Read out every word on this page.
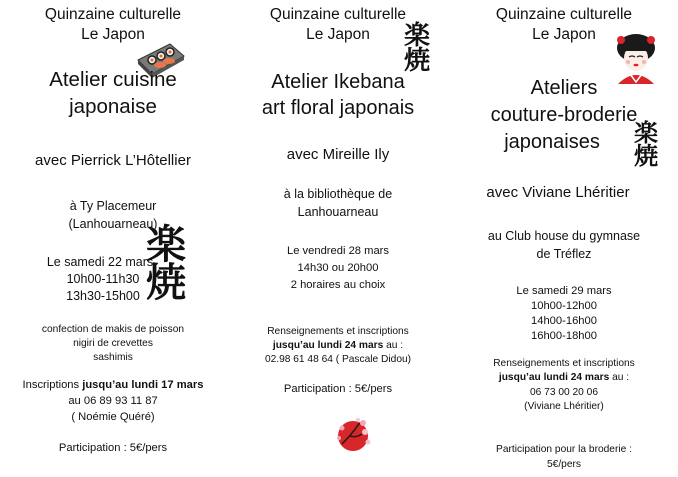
Quinzaine culturelle
Le Japon
Atelier cuisine
japonaise
avec Pierrick L’Hôtellier
à Ty Placemeur
(Lanhouarneau)
Le samedi 22 mars
10h00-11h30
13h30-15h00
楽
焼
confection de makis de poisson
nigiri de crevettes
sashimis
Inscriptions jusqu’au lundi 17 mars
au 06 89 93 11 87
( Noémie Quéré)
Participation : 5€/pers
Quinzaine culturelle
Le Japon	楽
焼
Atelier Ikebana
art floral japonais
avec Mireille Ily
à la bibliothèque de
Lanhouarneau
Le vendredi 28 mars
14h30 ou 20h00
2 horaires au choix
Renseignements et inscriptions
jusqu’au lundi 24 mars au :
02.98 61 48 64 ( Pascale Didou)
Participation : 5€/pers
Quinzaine culturelle
Le Japon
Ateliers
couture-broderie
japonaises	楽
焼
avec Viviane Lhéritier
au Club house du gymnase
de Tréflez
Le samedi 29 mars
10h00-12h00
14h00-16h00
16h00-18h00
Renseignements et inscriptions
jusqu’au lundi 24 mars au :
06 73 00 20 06
(Viviane Lhéritier)
Participation pour la broderie :
5€/pers
